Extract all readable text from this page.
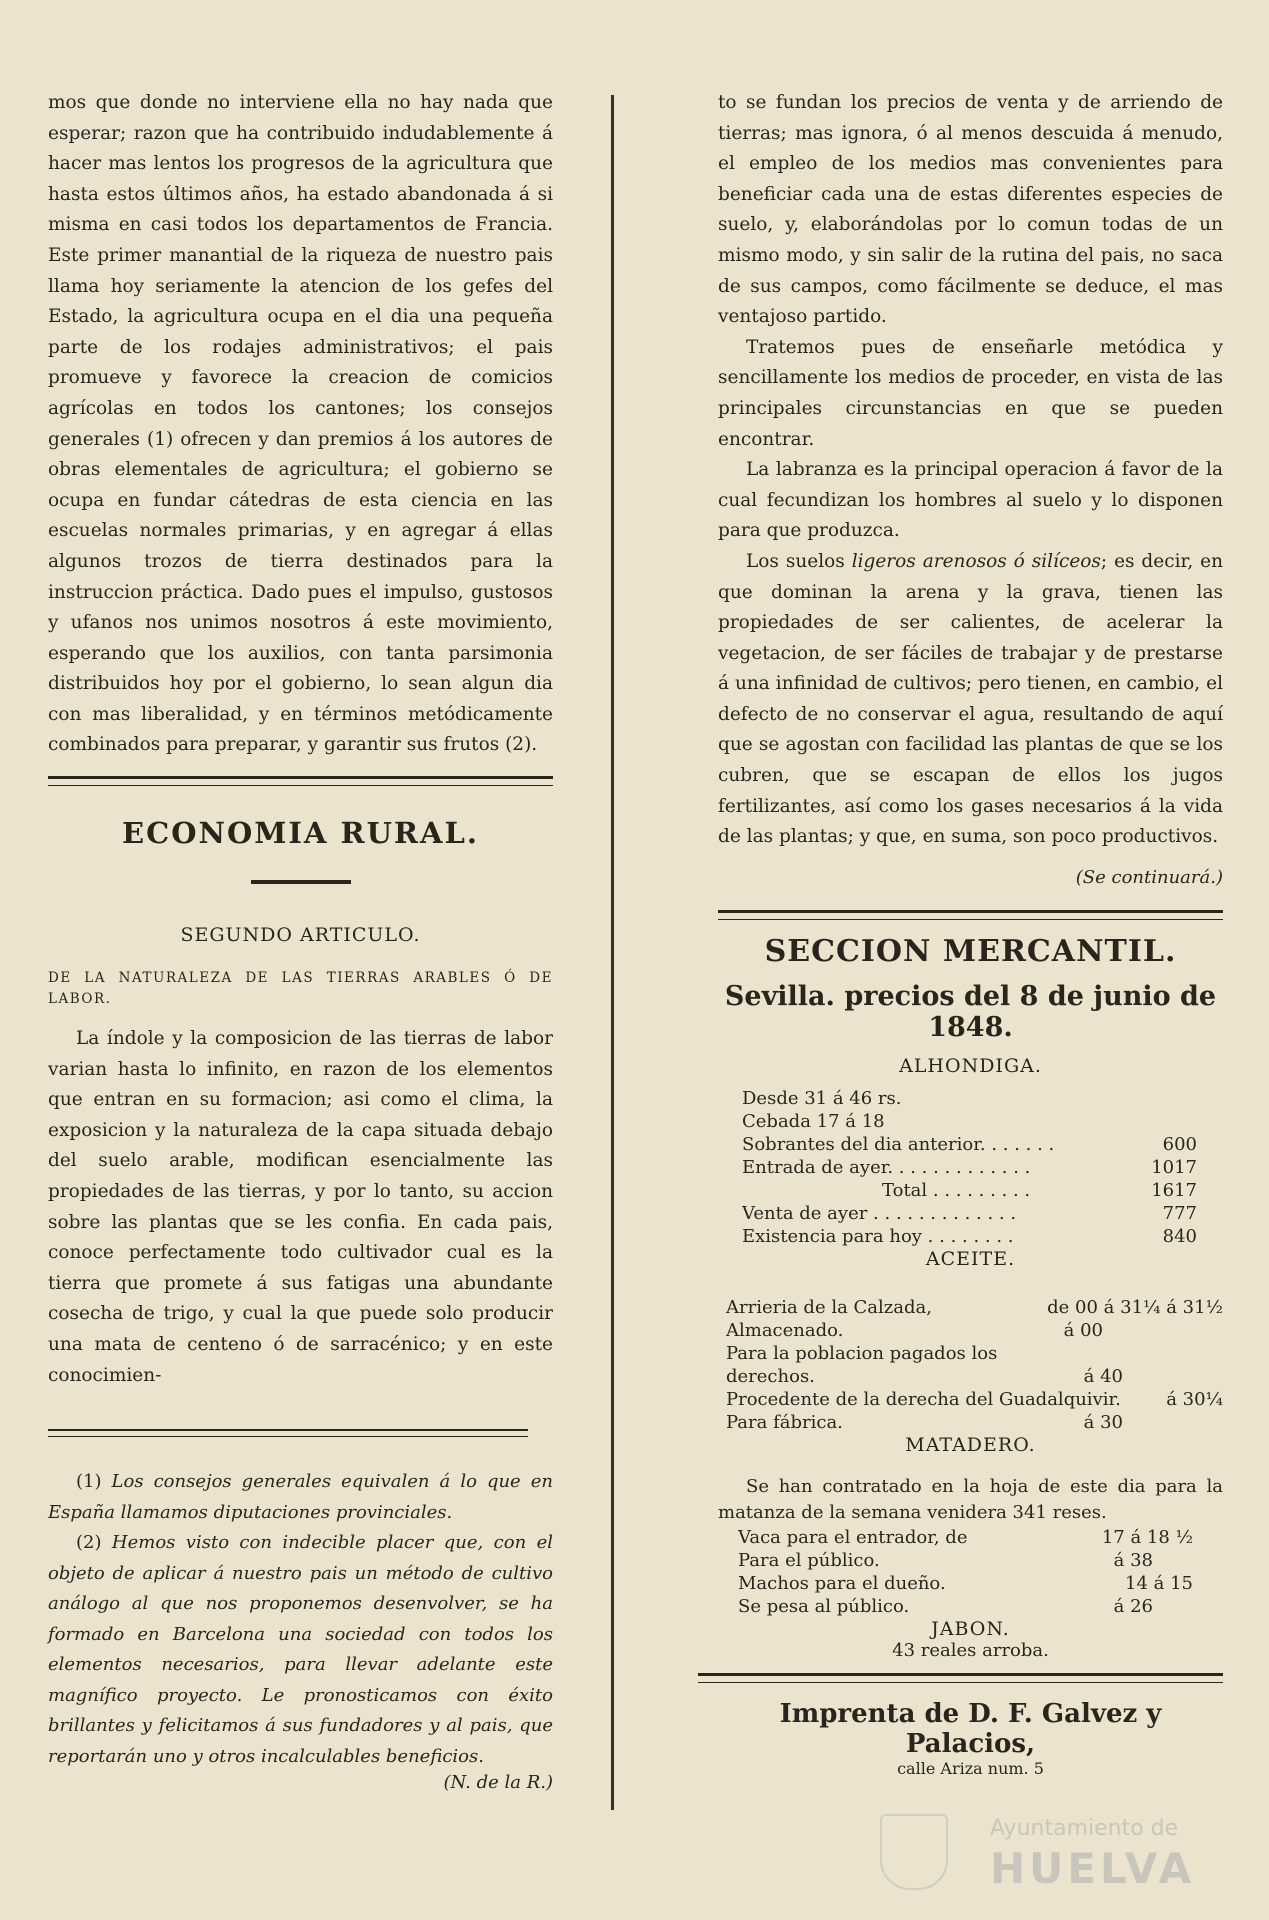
mos que donde no interviene ella no hay nada que esperar; razon que ha contribuido indudablemente á hacer mas lentos los progresos de la agricultura que hasta estos últimos años, ha estado abandonada á si misma en casi todos los departamentos de Francia. Este primer manantial de la riqueza de nuestro pais llama hoy seriamente la atencion de los gefes del Estado, la agricultura ocupa en el dia una pequeña parte de los rodajes administrativos; el pais promueve y favorece la creacion de comicios agrícolas en todos los cantones; los consejos generales (1) ofrecen y dan premios á los autores de obras elementales de agricultura; el gobierno se ocupa en fundar cátedras de esta ciencia en las escuelas normales primarias, y en agregar á ellas algunos trozos de tierra destinados para la instruccion práctica. Dado pues el impulso, gustosos y ufanos nos unimos nosotros á este movimiento, esperando que los auxilios, con tanta parsimonia distribuidos hoy por el gobierno, lo sean algun dia con mas liberalidad, y en términos metódicamente combinados para preparar, y garantir sus frutos (2).

ECONOMIA RURAL.
SEGUNDO ARTICULO.
DE LA NATURALEZA DE LAS TIERRAS ARABLES Ó DE LABOR.

La índole y la composicion de las tierras de labor varian hasta lo infinito, en razon de los elementos que entran en su formacion; asi como el clima, la exposicion y la naturaleza de la capa situada debajo del suelo arable, modifican esencialmente las propiedades de las tierras, y por lo tanto, su accion sobre las plantas que se les confia. En cada pais, conoce perfectamente todo cultivador cual es la tierra que promete á sus fatigas una abundante cosecha de trigo, y cual la que puede solo producir una mata de centeno ó de sarracénico; y en este conocimien-

(1) Los consejos generales equivalen á lo que en España llamamos diputaciones provinciales.

(2) Hemos visto con indecible placer que, con el objeto de aplicar á nuestro pais un método de cultivo análogo al que nos proponemos desenvolver, se ha formado en Barcelona una sociedad con todos los elementos necesarios, para llevar adelante este magnífico proyecto. Le pronosticamos con éxito brillantes y felicitamos á sus fundadores y al pais, que reportarán uno y otros incalculables beneficios.

(N. de la R.)

to se fundan los precios de venta y de arriendo de tierras; mas ignora, ó al menos descuida á menudo, el empleo de los medios mas convenientes para beneficiar cada una de estas diferentes especies de suelo, y, elaborándolas por lo comun todas de un mismo modo, y sin salir de la rutina del pais, no saca de sus campos, como fácilmente se deduce, el mas ventajoso partido.

Tratemos pues de enseñarle metódica y sencillamente los medios de proceder, en vista de las principales circunstancias en que se pueden encontrar.

La labranza es la principal operacion á favor de la cual fecundizan los hombres al suelo y lo disponen para que produzca.

Los suelos ligeros arenosos ó silíceos; es decir, en que dominan la arena y la grava, tienen las propiedades de ser calientes, de acelerar la vegetacion, de ser fáciles de trabajar y de prestarse á una infinidad de cultivos; pero tienen, en cambio, el defecto de no conservar el agua, resultando de aquí que se agostan con facilidad las plantas de que se los cubren, que se escapan de ellos los jugos fertilizantes, así como los gases necesarios á la vida de las plantas; y que, en suma, son poco productivos.

(Se continuará.)
SECCION MERCANTIL.
Sevilla. precios del 8 de junio de 1848.
ALHONDIGA.
Desde 31 á 46 rs.
Cebada 17 á 18
Sobrantes del dia anterior. . . . . . .	600
Entrada de ayer. . . . . . . . . . . . .	1017
Total . . . . . . . . .	1617
Venta de ayer . . . . . . . . . . . . .	777
Existencia para hoy . . . . . . . .	840
ACEITE.
Arrieria de la Calzada,	de 00 á 31¼ á 31½
Almacenado.	á 00
Para la poblacion pagados los
derechos.	á 40
Procedente de la derecha del Guadalquivir.	á 30¼
Para fábrica.	á 30
MATADERO.

Se han contratado en la hoja de este dia para la matanza de la semana venidera 341 reses.

Vaca para el entrador, de	17 á 18 ½
Para el público.	á 38
Machos para el dueño.	14 á 15
Se pesa al público.	á 26
JABON.
43 reales arroba.
Imprenta de D. F. Galvez y Palacios,
calle Ariza num. 5
Ayuntamiento de
HUELVA
